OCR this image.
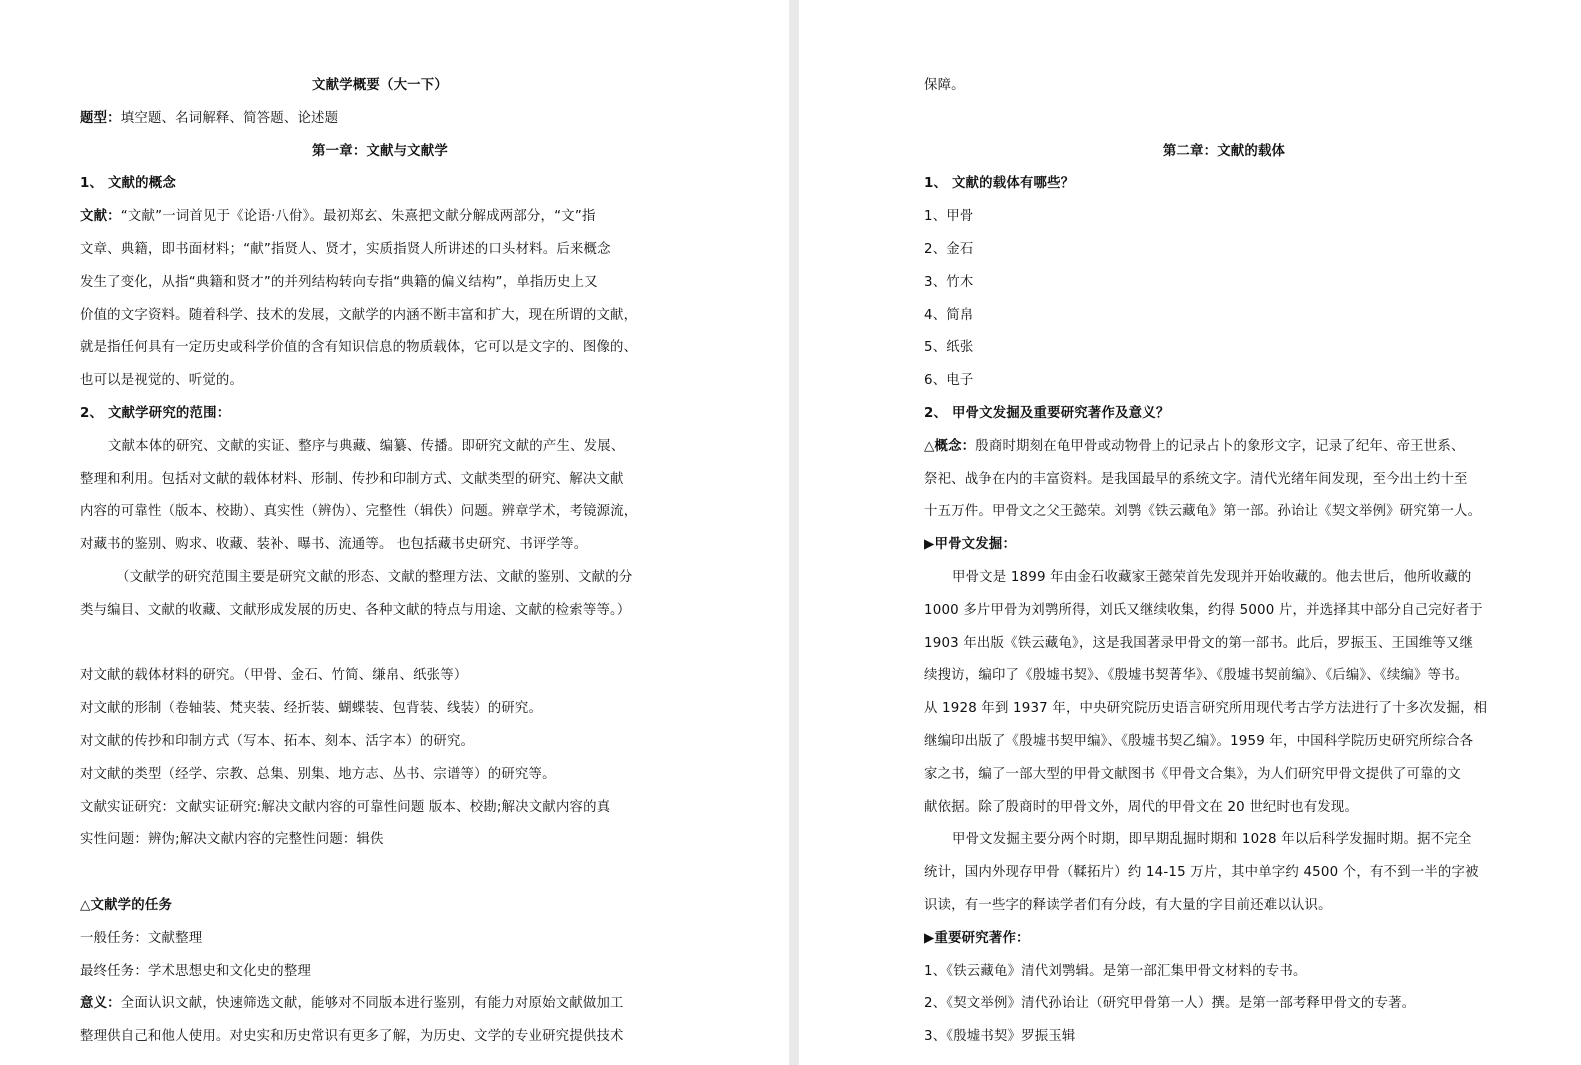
文献学概要（大一下）
题型：填空题、名词解释、简答题、论述题
第一章：文献与文献学
1、 文献的概念
文献：“文献”一词首见于《论语·八佾》。最初郑玄、朱熹把文献分解成两部分，“文”指
文章、典籍，即书面材料；“献”指贤人、贤才，实质指贤人所讲述的口头材料。后来概念
发生了变化，从指“典籍和贤才”的并列结构转向专指“典籍的偏义结构”，单指历史上又
价值的文字资料。随着科学、技术的发展，文献学的内涵不断丰富和扩大，现在所谓的文献，
就是指任何具有一定历史或科学价值的含有知识信息的物质载体，它可以是文字的、图像的、
也可以是视觉的、听觉的。
2、 文献学研究的范围：
文献本体的研究、文献的实证、整序与典藏、编纂、传播。即研究文献的产生、发展、
整理和利用。包括对文献的载体材料、形制、传抄和印制方式、文献类型的研究、解决文献
内容的可靠性（版本、校勘）、真实性（辨伪）、完整性（辑佚）问题。辨章学术，考镜源流，
对藏书的鉴别、购求、收藏、装补、曝书、流通等。 也包括藏书史研究、书评学等。
（文献学的研究范围主要是研究文献的形态、文献的整理方法、文献的鉴别、文献的分
类与编目、文献的收藏、文献形成发展的历史、各种文献的特点与用途、文献的检索等等。）
对文献的载体材料的研究。（甲骨、金石、竹简、缣帛、纸张等）
对文献的形制（卷轴装、梵夹装、经折装、蝴蝶装、包背装、线装）的研究。
对文献的传抄和印制方式（写本、拓本、刻本、活字本）的研究。
对文献的类型（经学、宗教、总集、别集、地方志、丛书、宗谱等）的研究等。
文献实证研究：文献实证研究:解决文献内容的可靠性问题 版本、校勘;解决文献内容的真
实性问题：辨伪;解决文献内容的完整性问题：辑佚
△文献学的任务
一般任务：文献整理
最终任务：学术思想史和文化史的整理
意义：全面认识文献，快速筛选文献，能够对不同版本进行鉴别，有能力对原始文献做加工
整理供自己和他人使用。对史实和历史常识有更多了解，为历史、文学的专业研究提供技术
保障。
第二章：文献的载体
1、 文献的载体有哪些？
1、甲骨
2、金石
3、竹木
4、简帛
5、纸张
6、电子
2、 甲骨文发掘及重要研究著作及意义？
△概念：殷商时期刻在龟甲骨或动物骨上的记录占卜的象形文字，记录了纪年、帝王世系、
祭祀、战争在内的丰富资料。是我国最早的系统文字。清代光绪年间发现，至今出土约十至
十五万件。甲骨文之父王懿荣。刘鹗《铁云藏龟》第一部。孙诒让《契文举例》研究第一人。
▶甲骨文发掘：
甲骨文是 1899 年由金石收藏家王懿荣首先发现并开始收藏的。他去世后，他所收藏的
1000 多片甲骨为刘鹗所得，刘氏又继续收集，约得 5000 片，并选择其中部分自己完好者于
1903 年出版《铁云藏龟》，这是我国著录甲骨文的第一部书。此后，罗振玉、王国维等又继
续搜访，编印了《殷墟书契》、《殷墟书契菁华》、《殷墟书契前编》、《后编》、《续编》等书。
从 1928 年到 1937 年，中央研究院历史语言研究所用现代考古学方法进行了十多次发掘，相
继编印出版了《殷墟书契甲编》、《殷墟书契乙编》。1959 年，中国科学院历史研究所综合各
家之书，编了一部大型的甲骨文献图书《甲骨文合集》，为人们研究甲骨文提供了可靠的文
献依据。除了殷商时的甲骨文外，周代的甲骨文在 20 世纪时也有发现。
甲骨文发掘主要分两个时期，即早期乱掘时期和 1028 年以后科学发掘时期。据不完全
统计，国内外现存甲骨（鞣拓片）约 14-15 万片，其中单字约 4500 个，有不到一半的字被
识读，有一些字的释读学者们有分歧，有大量的字目前还难以认识。
▶重要研究著作：
1、《铁云藏龟》清代刘鹗辑。是第一部汇集甲骨文材料的专书。
2、《契文举例》清代孙诒让（研究甲骨第一人）撰。是第一部考释甲骨文的专著。
3、《殷墟书契》罗振玉辑
